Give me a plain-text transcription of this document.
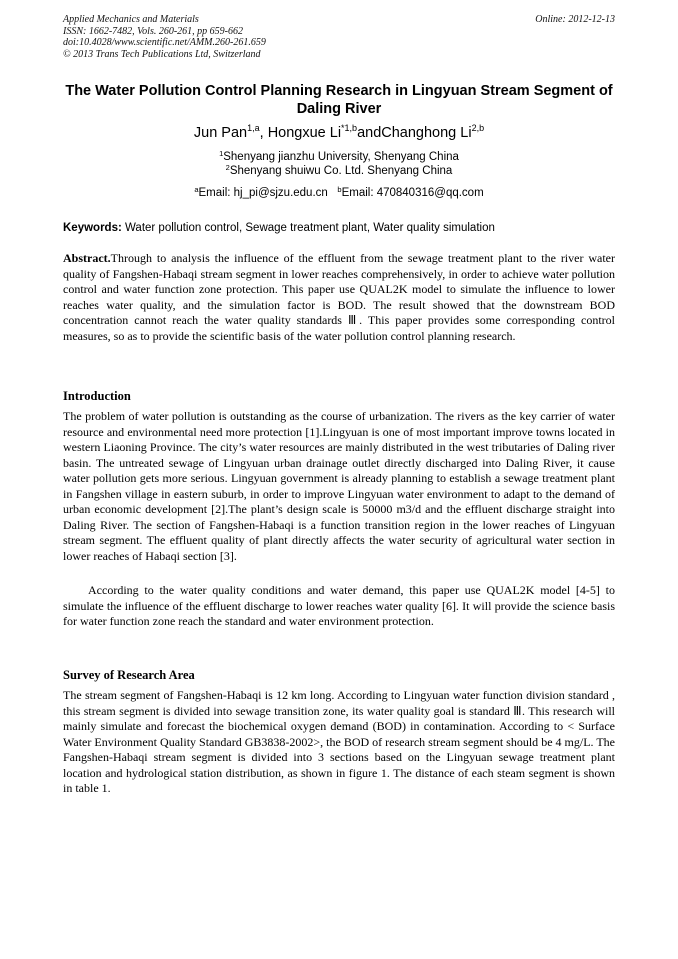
Applied Mechanics and Materials
ISSN: 1662-7482, Vols. 260-261, pp 659-662
doi:10.4028/www.scientific.net/AMM.260-261.659
© 2013 Trans Tech Publications Ltd, Switzerland
Online: 2012-12-13
The Water Pollution Control Planning Research in Lingyuan Stream Segment of Daling River
Jun Pan$^{1,a}$, Hongxue Li$^{*1,b}$andChanghong Li$^{2,b}$
$^1$Shenyang jianzhu University, Shenyang China
$^2$Shenyang shuiwu Co. Ltd. Shenyang China
$^a$Email: hj_pi@sjzu.edu.cn $^b$Email: 470840316@qq.com
Keywords: Water pollution control, Sewage treatment plant, Water quality simulation
Abstract.Through to analysis the influence of the effluent from the sewage treatment plant to the river water quality of Fangshen-Habaqi stream segment in lower reaches comprehensively, in order to achieve water pollution control and water function zone protection. This paper use QUAL2K model to simulate the influence to lower reaches water quality, and the simulation factor is BOD. The result showed that the downstream BOD concentration cannot reach the water quality standards Ⅲ. This paper provides some corresponding control measures, so as to provide the scientific basis of the water pollution control planning research.
Introduction
The problem of water pollution is outstanding as the course of urbanization. The rivers as the key carrier of water resource and environmental need more protection [1].Lingyuan is one of most important improve towns located in western Liaoning Province. The city’s water resources are mainly distributed in the west tributaries of Daling river basin. The untreated sewage of Lingyuan urban drainage outlet directly discharged into Daling River, it cause water pollution gets more serious. Lingyuan government is already planning to establish a sewage treatment plant in Fangshen village in eastern suburb, in order to improve Lingyuan water environment to adapt to the demand of urban economic development [2].The plant’s design scale is 50000 m3/d and the effluent discharge straight into Daling River. The section of Fangshen-Habaqi is a function transition region in the lower reaches of Lingyuan stream segment. The effluent quality of plant directly affects the water security of agricultural water section in lower reaches of Habaqi section [3].
According to the water quality conditions and water demand, this paper use QUAL2K model [4-5] to simulate the influence of the effluent discharge to lower reaches water quality [6]. It will provide the science basis for water function zone reach the standard and water environment protection.
Survey of Research Area
The stream segment of Fangshen-Habaqi is 12 km long. According to Lingyuan water function division standard , this stream segment is divided into sewage transition zone, its water quality goal is standard Ⅲ. This research will mainly simulate and forecast the biochemical oxygen demand (BOD) in contamination. According to < Surface Water Environment Quality Standard GB3838-2002>, the BOD of research stream segment should be 4 mg/L. The Fangshen-Habaqi stream segment is divided into 3 sections based on the Lingyuan sewage treatment plant location and hydrological station distribution, as shown in figure 1. The distance of each steam segment is shown in table 1.
